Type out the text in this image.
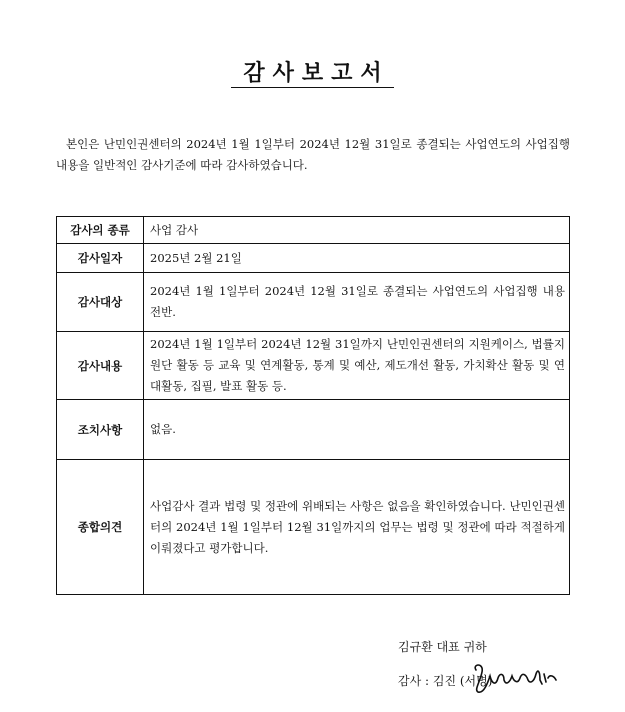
감사보고서
본인은 난민인권센터의 2024년 1월 1일부터 2024년 12월 31일로 종결되는 사업연도의 사업집행 내용을 일반적인 감사기준에 따라 감사하였습니다.
감사의 종류	사업 감사
감사일자	2025년 2월 21일
감사대상	2024년 1월 1일부터 2024년 12월 31일로 종결되는 사업연도의 사업집행 내용 전반.
감사내용	2024년 1월 1일부터 2024년 12월 31일까지 난민인권센터의 지원케이스, 법률지원단 활동 등 교육 및 연계활동, 통계 및 예산, 제도개선 활동, 가치확산 활동 및 연대활동, 집필, 발표 활동 등.
조치사항	없음.
종합의견	사업감사 결과 법령 및 정관에 위배되는 사항은 없음을 확인하였습니다. 난민인권센터의 2024년 1월 1일부터 12월 31일까지의 업무는 법령 및 정관에 따라 적절하게 이뤄졌다고 평가합니다.
김규환 대표 귀하
감사 : 김진 (서명)
